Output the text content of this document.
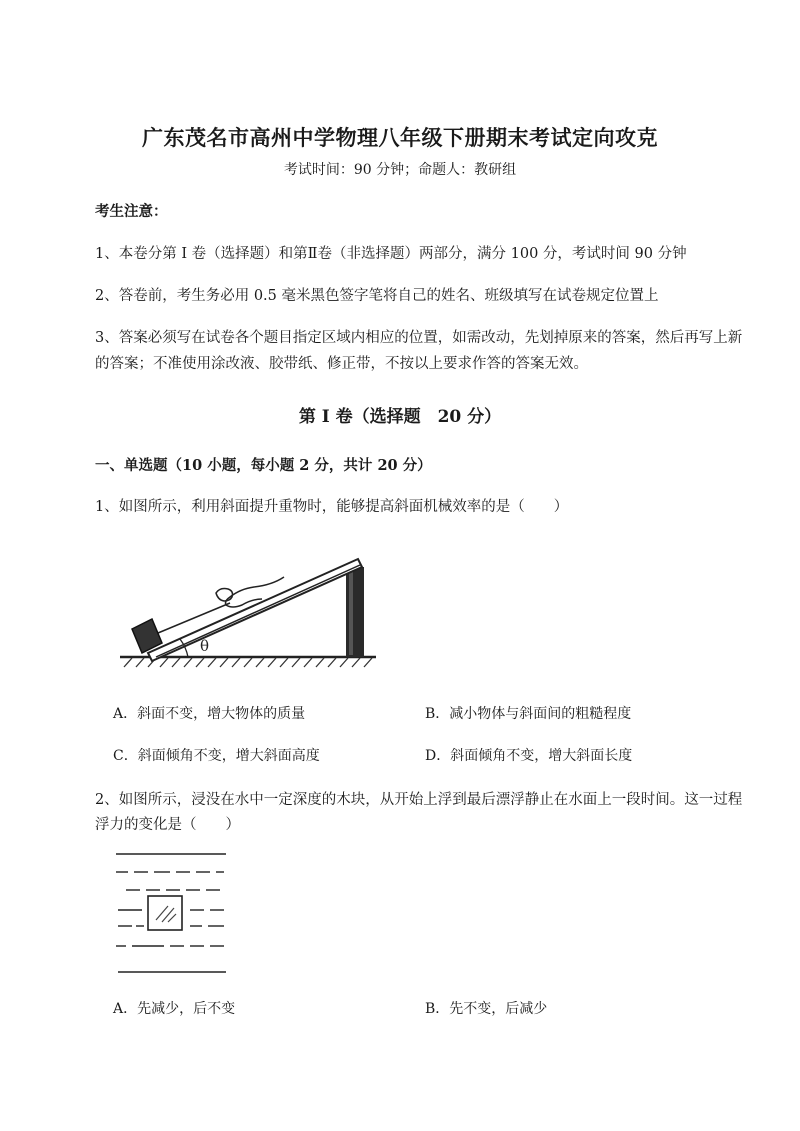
广东茂名市高州中学物理八年级下册期末考试定向攻克
考试时间：90 分钟；命题人：教研组
考生注意：
1、本卷分第 I 卷（选择题）和第Ⅱ卷（非选择题）两部分，满分 100 分，考试时间 90 分钟
2、答卷前，考生务必用 0.5 毫米黑色签字笔将自己的姓名、班级填写在试卷规定位置上
3、答案必须写在试卷各个题目指定区域内相应的位置，如需改动，先划掉原来的答案，然后再写上新
的答案；不准使用涂改液、胶带纸、修正带，不按以上要求作答的答案无效。
第 I 卷（选择题　20 分）
一、单选题（10 小题，每小题 2 分，共计 20 分）
1、如图所示，利用斜面提升重物时，能够提高斜面机械效率的是（　　）
θ
A．斜面不变，增大物体的质量	B．减小物体与斜面间的粗糙程度
C．斜面倾角不变，增大斜面高度	D．斜面倾角不变，增大斜面长度
2、如图所示，浸没在水中一定深度的木块，从开始上浮到最后漂浮静止在水面上一段时间。这一过程
浮力的变化是（　　）
A．先减少，后不变	B．先不变，后减少
